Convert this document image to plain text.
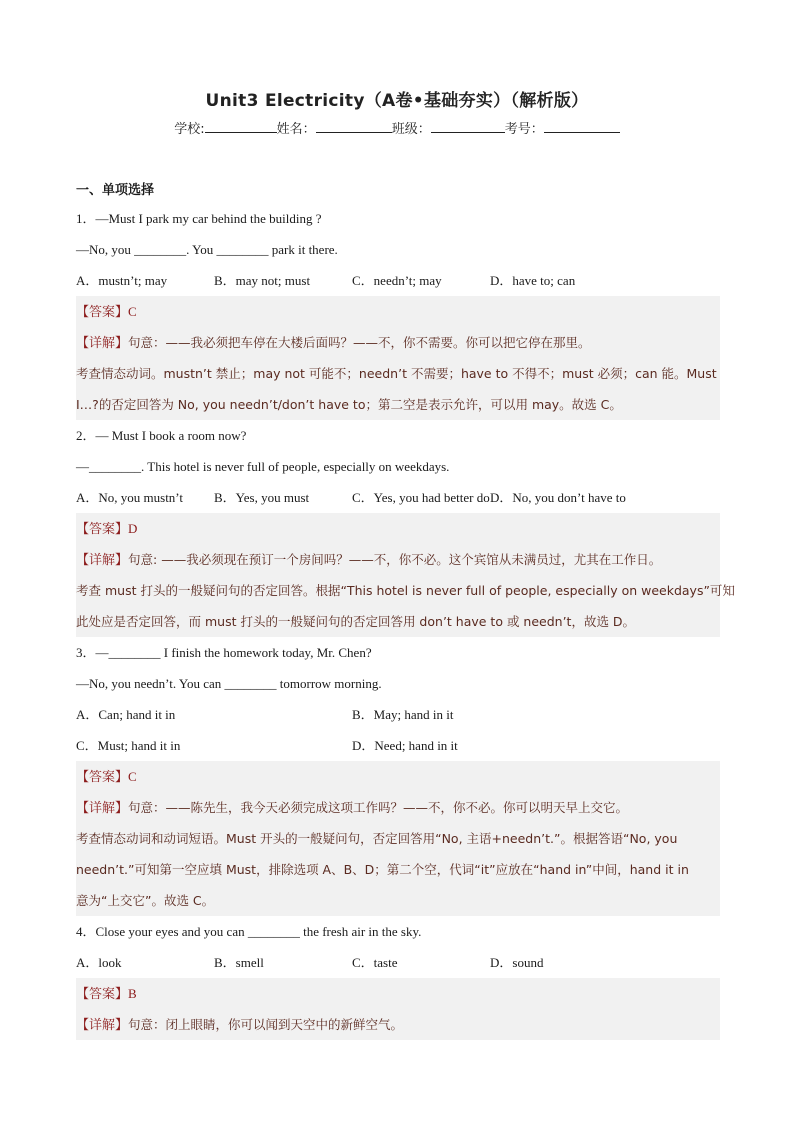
Unit3 Electricity（A卷•基础夯实）（解析版）
学校:	姓名：	班级：	考号：
一、单项选择
1．—Must I park my car behind the building ?
—No, you ________. You ________ park it there.
A．mustn’t; may	B．may not; must	C．needn’t; may	D．have to; can
【答案】C
【详解】句意：——我必须把车停在大楼后面吗？——不，你不需要。你可以把它停在那里。
考查情态动词。mustn’t 禁止；may not 可能不；needn’t 不需要；have to 不得不；must 必须；can 能。Must
I…?的否定回答为 No, you needn’t/don’t have to；第二空是表示允许，可以用 may。故选 C。
2．— Must I book a room now?
—________. This hotel is never full of people, especially on weekdays.
A．No, you mustn’t	B．Yes, you must	C．Yes, you had better do D．No, you don’t have to
【答案】D
【详解】句意: ——我必须现在预订一个房间吗？——不，你不必。这个宾馆从未满员过，尤其在工作日。
考查 must 打头的一般疑问句的否定回答。根据“This hotel is never full of people, especially on weekdays”可知
此处应是否定回答，而 must 打头的一般疑问句的否定回答用 don’t have to 或 needn’t，故选 D。
3．—________ I finish the homework today, Mr. Chen?
—No, you needn’t. You can ________ tomorrow morning.
A．Can; hand it in	B．May; hand in it
C．Must; hand it in	D．Need; hand in it
【答案】C
【详解】句意：——陈先生，我今天必须完成这项工作吗？——不，你不必。你可以明天早上交它。
考查情态动词和动词短语。Must 开头的一般疑问句，否定回答用“No, 主语+needn’t.”。根据答语“No, you
needn’t.”可知第一空应填 Must，排除选项 A、B、D；第二个空，代词“it”应放在“hand in”中间，hand it in
意为“上交它”。故选 C。
4．Close your eyes and you can ________ the fresh air in the sky.
A．look	B．smell	C．taste	D．sound
【答案】B
【详解】句意：闭上眼睛，你可以闻到天空中的新鲜空气。
